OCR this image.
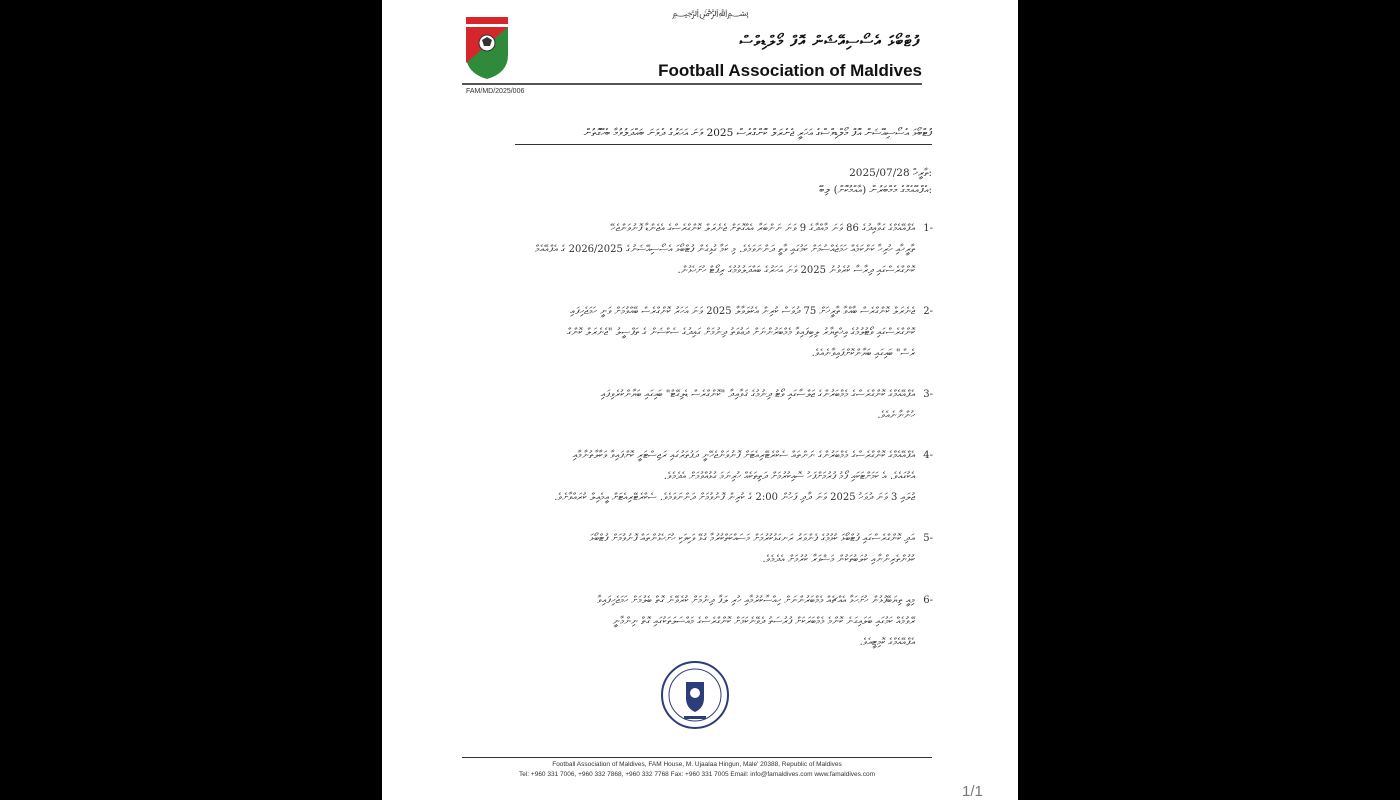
﷽
ފުޓްބޯޅަ އެސޯސިއޭޝަން އޮފް މޯލްޑިވްސް
Football Association of Maldives
FAM/MD/2025/006
ފުޓްބޯޅަ އެސޯސިއޭޝަން އޮފް މޯލްޑިވްސްގެ އަހަރީ ޖެނެރަލް ކޮންގްރެސް 2025 ވަނަ އަހަރުގެ ދެވަނަ ބައްދަލުވުމާ ބެހޭގޮތުން
2025/07/28 ތާރީޚް:
އެފްއޭއެމްގެ މެމްބަރުން (އާއްމުކޮށް) ލިބޭ:
1-
އެފްއޭއެމްގެ ގަވާއިދުގެ 86 ވަނަ މާއްދާގެ 9 ވަނަ ނަންބަރާ އެއްގޮތަށް ޖެނެރަލް ކޮންގްރެސްގެ އެޖެންޑާ ފޮނުވަންޖެހޭ
ތާރީޚާއި ހުރިހާ ކަންކަމެއް ހަމަޖެއްސުމަށް ކަމުގައި ވާތީ ދަންނަވަމެވެ. މި ކަމާ ގުޅިގެން ފުޓްބޯޅަ އެސޯސިއޭޝަނުގެ 2026/2025 ގެ އެފްއޭއެމް
ކޮންގްރެސްގައި ދިރާސާ ކުރެވުނު 2025 ވަނަ އަހަރުގެ ބައްދަލުވުމުގެ ރިޕޯޓް ހުށަހެޅުން.
2-
ޖެނެރަލް ކޮންގްރެސް ބާއްވާ ތާރީޚަށް 75 ދުވަސް ކުރިން އެކުލަވާލާ 2025 ވަނަ އަހަރު ކޮންގްރެސް ބޭއްވުމަށް ވަނީ ހަމަޖެހިފައި
ކޮންގްރެސްގައި ވޯޓުލުމުގެ އިޚްތިޔާރު ލިބިފައިވާ މެމްބަރުންނަށް ދަޢުވަތު ދިނުމަށް ގައިދުގެ ސެކްޝަން ގެ ތަފްސީލު "ޖެނެރަލް ކޮންގް
ރެސް" ބައިގައި ބަޔާންކޮށްފައިވާނެއެވެ.
3-
އެފްއޭއެމްގެ ކޮންގްރެސްގެ މެމްބަރުންގެ ޖަލްސާގައި ވޯޓު ދިނުމުގެ ޤަވާއިދާ "ކޮންގްރެސް ޑެލިގޭޓް" ބައިގައި ބަޔާންކުރެވިފައި
ހުންނާނެއެވެ.
4-
އެފްއޭއެމްގެ ކޮންގްރެސްގެ މެމްބަރުންގެ ނަންތައް ސެކްރެޓޭރިއެޓަށް ފޮނުވަންޖެހޭނީ ދަފުތަރުގައި ރަޖިސްޓަރީ ކޮށްފައިވާ ވަކާލާތުނާމާއި
އެކުގައެވެ. އެ ކަމަށްޓަކައި ފޯމު ފުރުމަށްފަހު ސޮއިކުރުމަށް ދަތިތަކެއް ހުރިނަމަ ގުޅުއްވުމަށް އެދެމެވެ.
ޖުލައި 3 ވަނަ ދުވަހު 2025 ވަނަ ދާދި ފަހުން 2:00 ގެ ކުރިން ފޮނުވުމަށް ދަންނަވަމެވެ. ސެކްރެޓޭރިއެޓަށް އީމެއިލް ކުރައްވާށެވެ.
5-
އަދި ކޮންގްރެސްގައި ފުޓްބޯޅަ ކުޅުމުގެ ފެންވަރު ރަނގަޅުކުރުމަށް މަސައްކަތްކުރުމާ ގުޅޭ ވަކިވަކި ހުށަހެޅުންތައް ފޮނުވުމަށް ފުޓްބޯޅަ
ކުޅުންތެރިންނާއި ކުލަބުތަކުން މަޝްވަރާ ކުރުމަށް އެދެމެވެ.
6-
މިއީ ތިޔަބޭފުޅުން ހުށަހަޅާ އެއްޗެއް މެމްބަރުންނަށް ހިއްސާކުރުމާއި ހުރި ލަފާ ދިނުމަށް ކުރެވޭނެ ގޮތް ބެލުމަށް ހަމަޖެހިފައިވާ
ރޭވުމެއް ކަމުގައި ބަލައިގަނެ ކޮންމެ މެމްބަރަކަށް ފުރުސަތު ދެވޭނެކަމަށް ކޮންގްރެސްގެ މައްސަލަތަކުގައި ގޮތް ނިންމާނީ
އެފްއޭއެމްގެ ކޮމިޓީއެވެ.
Football Association of Maldives, FAM House, M. Ujaalaa Hingun, Male' 20388, Republic of Maldives
Tel: +960 331 7006, +960 332 7868, +960 332 7768 Fax: +960 331 7005 Email: info@famaldives.com www.famaldives.com
1/1
